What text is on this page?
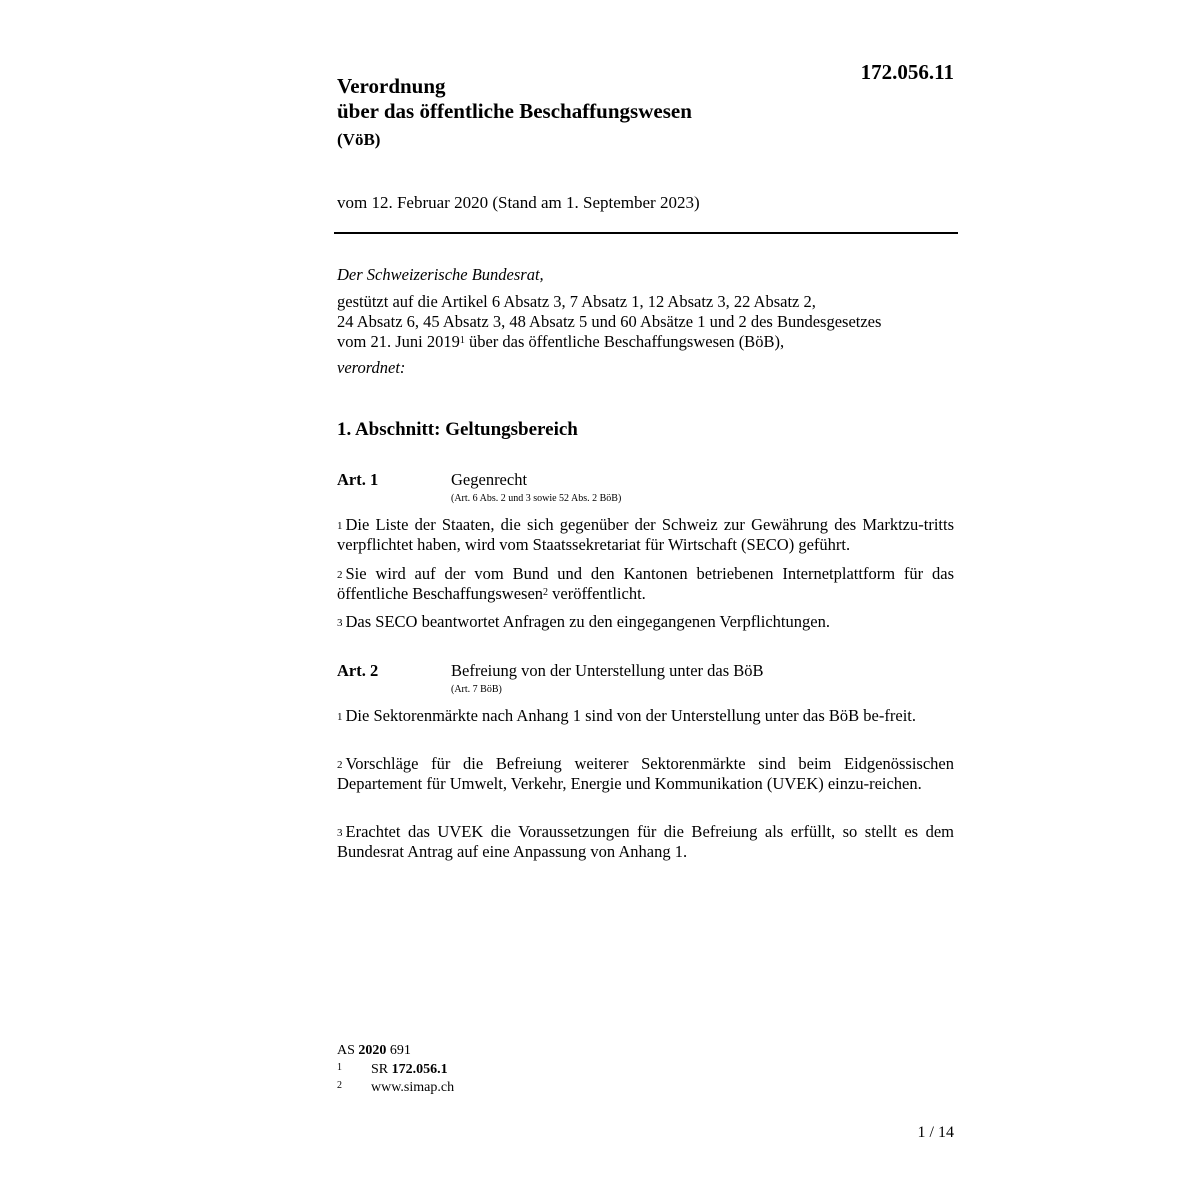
172.056.11
Verordnung
über das öffentliche Beschaffungswesen
(VöB)
vom 12. Februar 2020 (Stand am 1. September 2023)
Der Schweizerische Bundesrat,
gestützt auf die Artikel 6 Absatz 3, 7 Absatz 1, 12 Absatz 3, 22 Absatz 2,
24 Absatz 6, 45 Absatz 3, 48 Absatz 5 und 60 Absätze 1 und 2 des Bundesgesetzes
vom 21. Juni 2019$^1$ über das öffentliche Beschaffungswesen (BöB),
verordnet:
1. Abschnitt: Geltungsbereich
Art. 1	Gegenrecht
(Art. 6 Abs. 2 und 3 sowie 52 Abs. 2 BöB)
$^1$ Die Liste der Staaten, die sich gegenüber der Schweiz zur Gewährung des Marktzu-tritts verpflichtet haben, wird vom Staatssekretariat für Wirtschaft (SECO) geführt.
$^2$ Sie wird auf der vom Bund und den Kantonen betriebenen Internetplattform für das öffentliche Beschaffungswesen$^2$ veröffentlicht.
$^3$ Das SECO beantwortet Anfragen zu den eingegangenen Verpflichtungen.
Art. 2	Befreiung von der Unterstellung unter das BöB
(Art. 7 BöB)
$^1$ Die Sektorenmärkte nach Anhang 1 sind von der Unterstellung unter das BöB be-freit.
$^2$ Vorschläge für die Befreiung weiterer Sektorenmärkte sind beim Eidgenössischen Departement für Umwelt, Verkehr, Energie und Kommunikation (UVEK) einzu-reichen.
$^3$ Erachtet das UVEK die Voraussetzungen für die Befreiung als erfüllt, so stellt es dem Bundesrat Antrag auf eine Anpassung von Anhang 1.
AS 2020 691
1 SR 172.056.1
2 www.simap.ch
1 / 14
